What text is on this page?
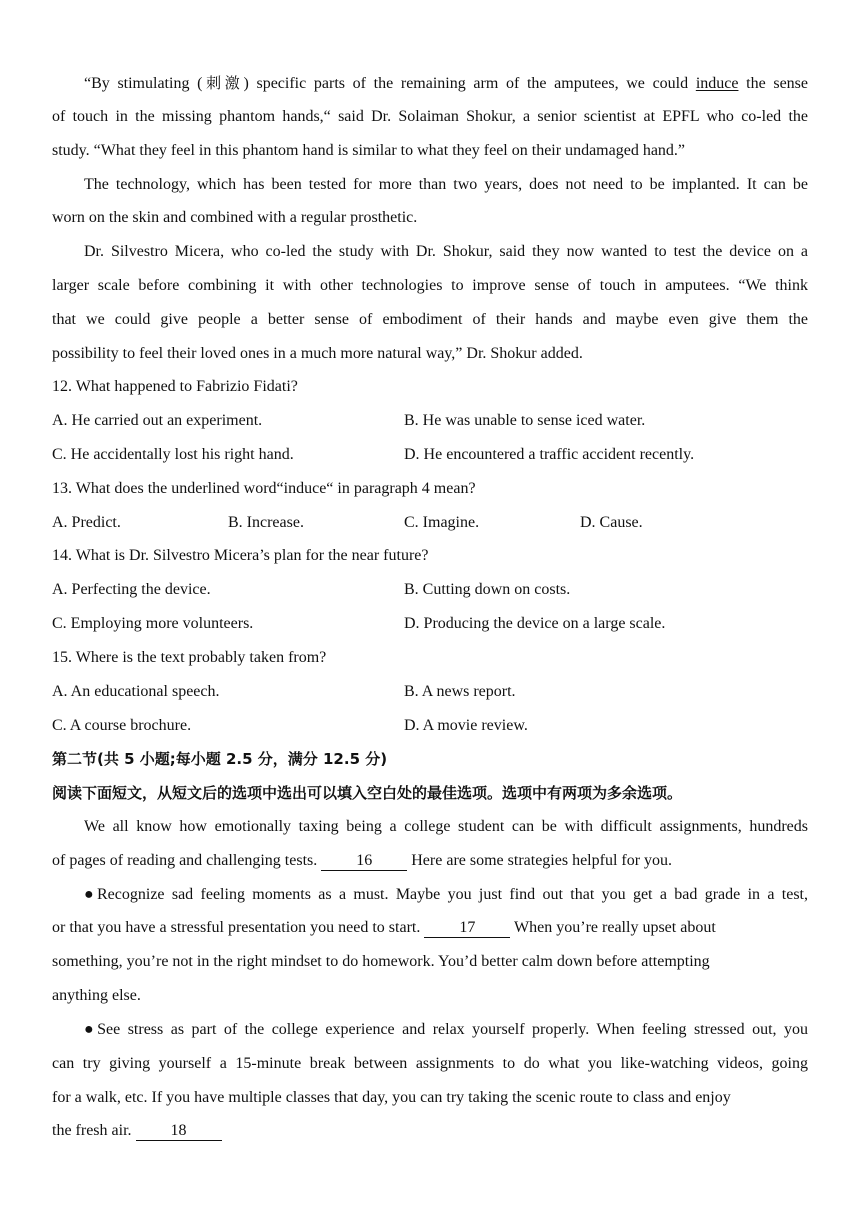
“By stimulating (刺激) specific parts of the remaining arm of the amputees, we could induce the sense
of touch in the missing phantom hands,“ said Dr. Solaiman Shokur, a senior scientist at EPFL who co-led the
study. “What they feel in this phantom hand is similar to what they feel on their undamaged hand.”
The technology, which has been tested for more than two years, does not need to be implanted. It can be
worn on the skin and combined with a regular prosthetic.
Dr. Silvestro Micera, who co-led the study with Dr. Shokur, said they now wanted to test the device on a
larger scale before combining it with other technologies to improve sense of touch in amputees. “We think
that we could give people a better sense of embodiment of their hands and maybe even give them the
possibility to feel their loved ones in a much more natural way,” Dr. Shokur added.
12. What happened to Fabrizio Fidati?
A. He carried out an experiment.	B. He was unable to sense iced water.
C. He accidentally lost his right hand.	D. He encountered a traffic accident recently.
13. What does the underlined word“induce“ in paragraph 4 mean?
A. Predict.	B. Increase.	C. Imagine.	D. Cause.
14. What is Dr. Silvestro Micera’s plan for the near future?
A. Perfecting the device.	B. Cutting down on costs.
C. Employing more volunteers.	D. Producing the device on a large scale.
15. Where is the text probably taken from?
A. An educational speech.	B. A news report.
C. A course brochure.	D. A movie review.
第二节(共 5 小题;每小题 2.5 分，满分 12.5 分)
阅读下面短文，从短文后的选项中选出可以填入空白处的最佳选项。选项中有两项为多余选项。
We all know how emotionally taxing being a college student can be with difficult assignments, hundreds
of pages of reading and challenging tests. 16 Here are some strategies helpful for you.
●Recognize sad feeling moments as a must. Maybe you just find out that you get a bad grade in a test,
or that you have a stressful presentation you need to start. 17 When you’re really upset about
something, you’re not in the right mindset to do homework. You’d better calm down before attempting
anything else.
●See stress as part of the college experience and relax yourself properly. When feeling stressed out, you
can try giving yourself a 15-minute break between assignments to do what you like-watching videos, going
for a walk, etc. If you have multiple classes that day, you can try taking the scenic route to class and enjoy
the fresh air. 18
